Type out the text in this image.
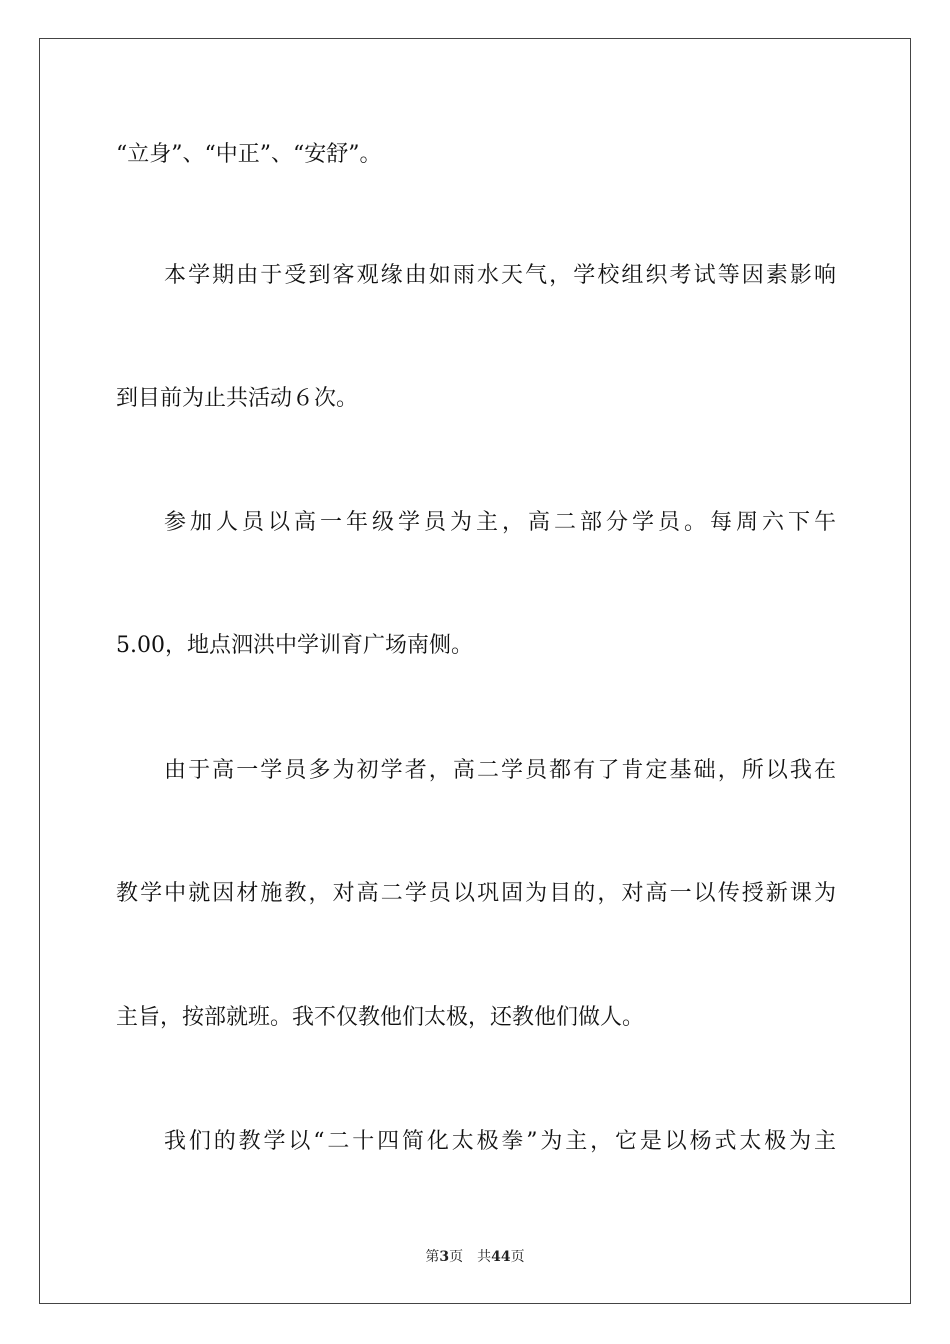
“立身”、“中正”、“安舒”。
本学期由于受到客观缘由如雨水天气，学校组织考试等因素影响
到目前为止共活动６次。
参加人员以高一年级学员为主，高二部分学员。每周六下午
5.00，地点泗洪中学训育广场南侧。
由于高一学员多为初学者，高二学员都有了肯定基础，所以我在
教学中就因材施教，对高二学员以巩固为目的，对高一以传授新课为
主旨，按部就班。我不仅教他们太极，还教他们做人。
我们的教学以“二十四简化太极拳”为主，它是以杨式太极为主
第3页 共44页
